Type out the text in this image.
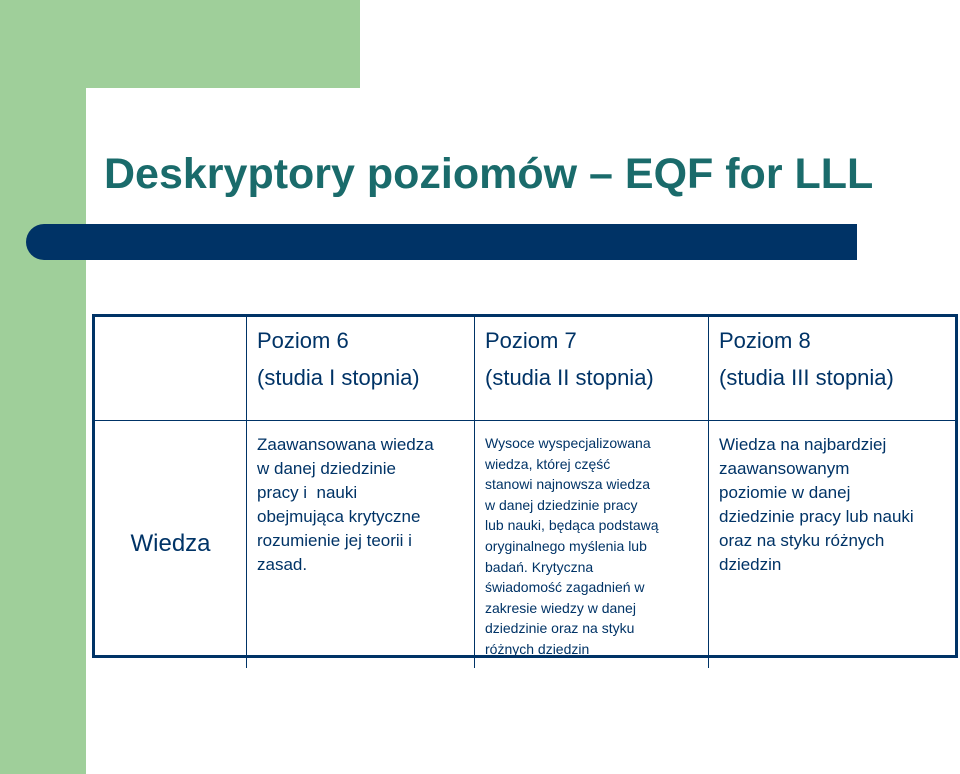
Deskryptory poziomów – EQF for LLL
Poziom 6
(studia I stopnia)
Poziom 7
(studia II stopnia)
Poziom 8
(studia III stopnia)
Wiedza
Zaawansowana wiedza
w danej dziedzinie
pracy i  nauki
obejmująca krytyczne
rozumienie jej teorii i
zasad.
Wysoce wyspecjalizowana
wiedza, której część
stanowi najnowsza wiedza
w danej dziedzinie pracy
lub nauki, będąca podstawą
oryginalnego myślenia lub
badań. Krytyczna
świadomość zagadnień w
zakresie wiedzy w danej
dziedzinie oraz na styku
różnych dziedzin
Wiedza na najbardziej
zaawansowanym
poziomie w danej
dziedzinie pracy lub nauki
oraz na styku różnych
dziedzin
